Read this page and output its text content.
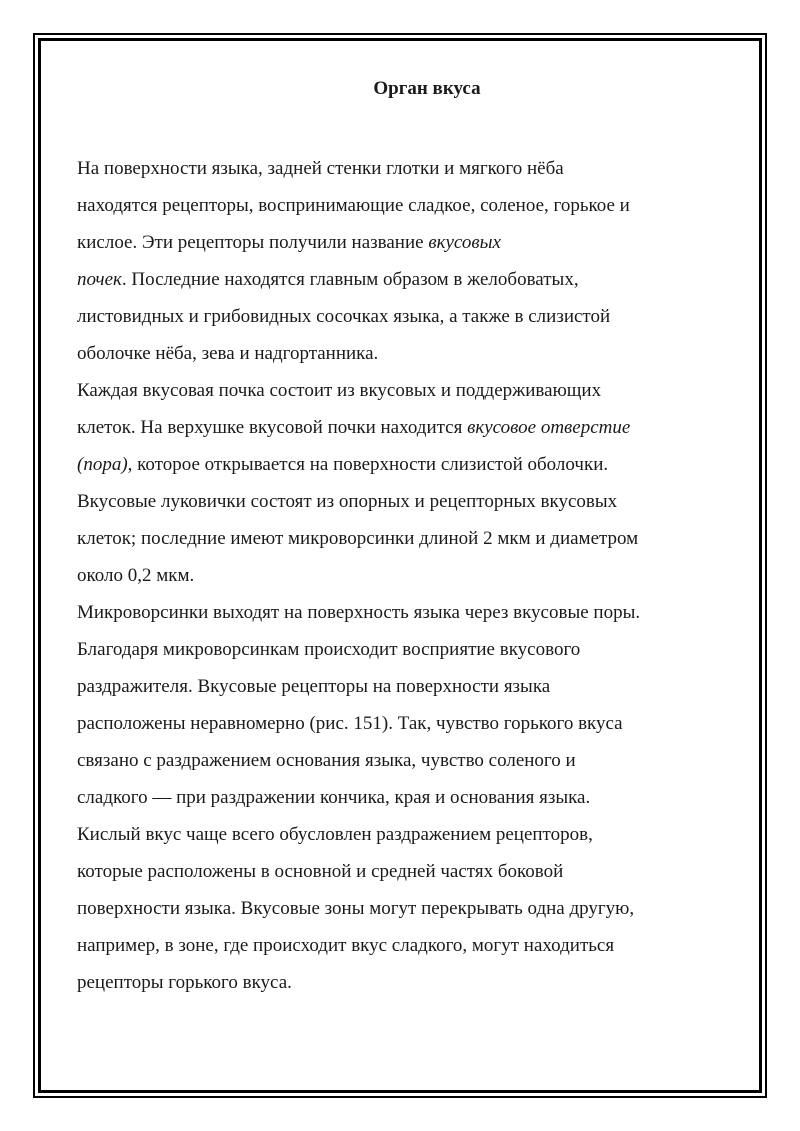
Орган вкуса
На поверхности языка, задней стенки глотки и мягкого нёба
находятся рецепторы, воспринимающие сладкое, соленое, горькое и
кислое. Эти рецепторы получили название вкусовых
почек. Последние находятся главным образом в желобоватых,
листовидных и грибовидных сосочках языка, а также в слизистой
оболочке нёба, зева и надгортанника.
Каждая вкусовая почка состоит из вкусовых и поддерживающих
клеток. На верхушке вкусовой почки находится вкусовое отверстие
(пора), которое открывается на поверхности слизистой оболочки.
Вкусовые луковички состоят из опорных и рецепторных вкусовых
клеток; последние имеют микроворсинки длиной 2 мкм и диаметром
около 0,2 мкм.
Микроворсинки выходят на поверхность языка через вкусовые поры.
Благодаря микроворсинкам происходит восприятие вкусового
раздражителя. Вкусовые рецепторы на поверхности языка
расположены неравномерно (рис. 151). Так, чувство горького вкуса
связано с раздражением основания языка, чувство соленого и
сладкого — при раздражении кончика, края и основания языка.
Кислый вкус чаще всего обусловлен раздражением рецепторов,
которые расположены в основной и средней частях боковой
поверхности языка. Вкусовые зоны могут перекрывать одна другую,
например, в зоне, где происходит вкус сладкого, могут находиться
рецепторы горького вкуса.
